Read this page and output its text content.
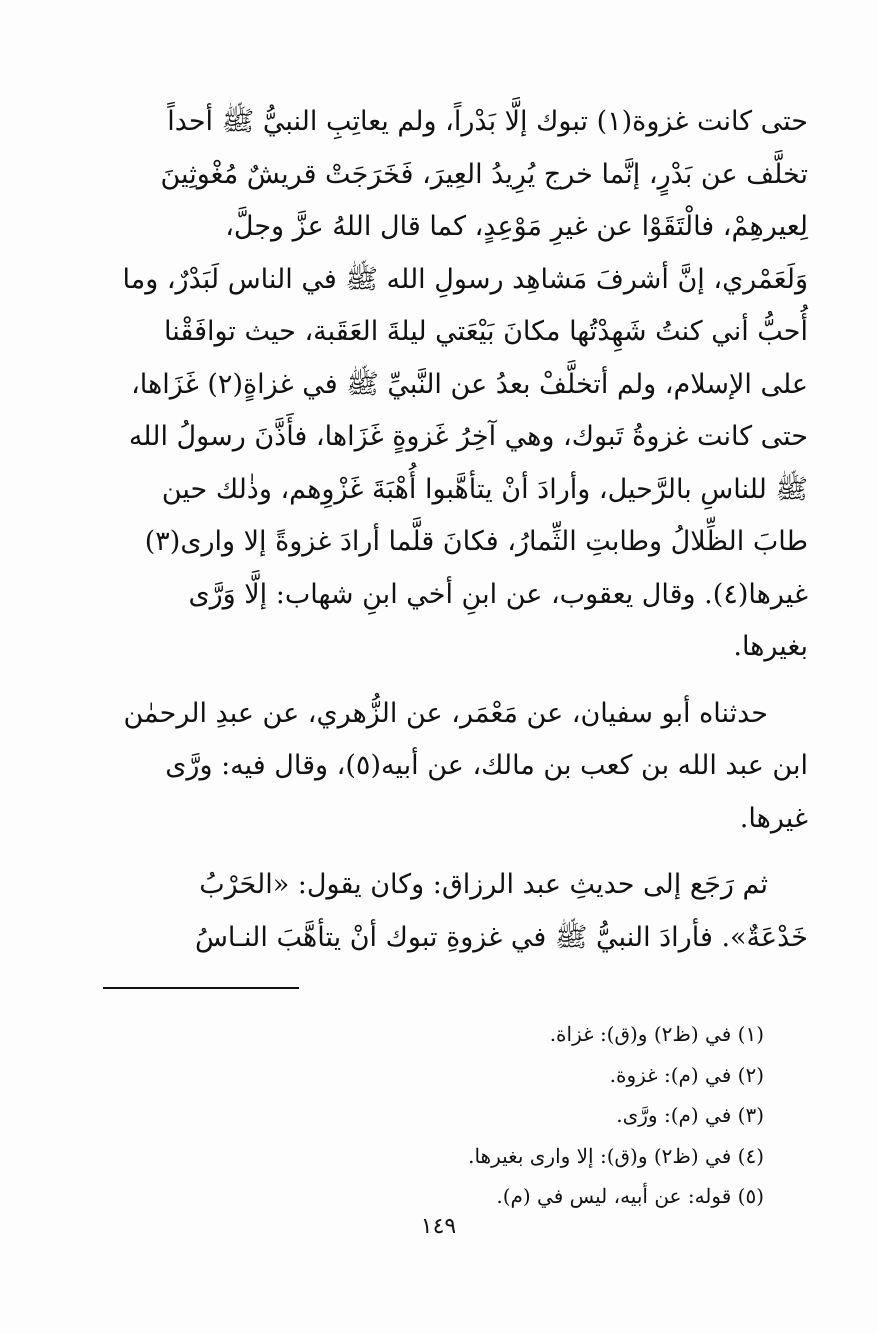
حتى كانت غزوة(١) تبوك إلَّا بَدْراً، ولم يعاتِبِ النبيُّ ﷺ أحداً
تخلَّف عن بَدْرٍ، إنَّما خرج يُرِيدُ العِيرَ، فَخَرَجَتْ قريشٌ مُغْوثِينَ
لِعيرهِمْ، فالْتَقَوْا عن غيرِ مَوْعِدٍ، كما قال اللهُ عزَّ وجلَّ،
وَلَعَمْري، إنَّ أشرفَ مَشاهِد رسولِ الله ﷺ في الناس لَبَدْرٌ، وما
أُحبُّ أني كنتُ شَهِدْتُها مكانَ بَيْعَتي ليلةَ العَقَبة، حيث توافَقْنا
على الإسلام، ولم أتخلَّفْ بعدُ عن النَّبيِّ ﷺ في غزاةٍ(٢) غَزَاها،
حتى كانت غزوةُ تَبوك، وهي آخِرُ غَزوةٍ غَزَاها، فأَذَّنَ رسولُ الله
ﷺ للناسِ بالرَّحيل، وأرادَ أنْ يتأهَّبوا أُهْبَةَ غَزْوِهم، وذٰلك حين
طابَ الظِّلالُ وطابتِ الثِّمارُ، فكانَ قلَّما أرادَ غزوةً إلا وارى(٣)
غيرها(٤). وقال يعقوب، عن ابنِ أخي ابنِ شهاب: إلَّا وَرَّى
بغيرها.
حدثناه أبو سفيان، عن مَعْمَر، عن الزُّهري، عن عبدِ الرحمٰن
ابن عبد الله بن كعب بن مالك، عن أبيه(٥)، وقال فيه: ورَّى
غيرها.
ثم رَجَع إلى حديثِ عبد الرزاق: وكان يقول: «الحَرْبُ
خَدْعَةٌ». فأرادَ النبيُّ ﷺ في غزوةِ تبوك أنْ يتأهَّبَ النـاسُ
(١) في (ظ٢) و(ق): غزاة.
(٢) في (م): غزوة.
(٣) في (م): ورَّى.
(٤) في (ظ٢) و(ق): إلا وارى بغيرها.
(٥) قوله: عن أبيه، ليس في (م).
١٤٩
